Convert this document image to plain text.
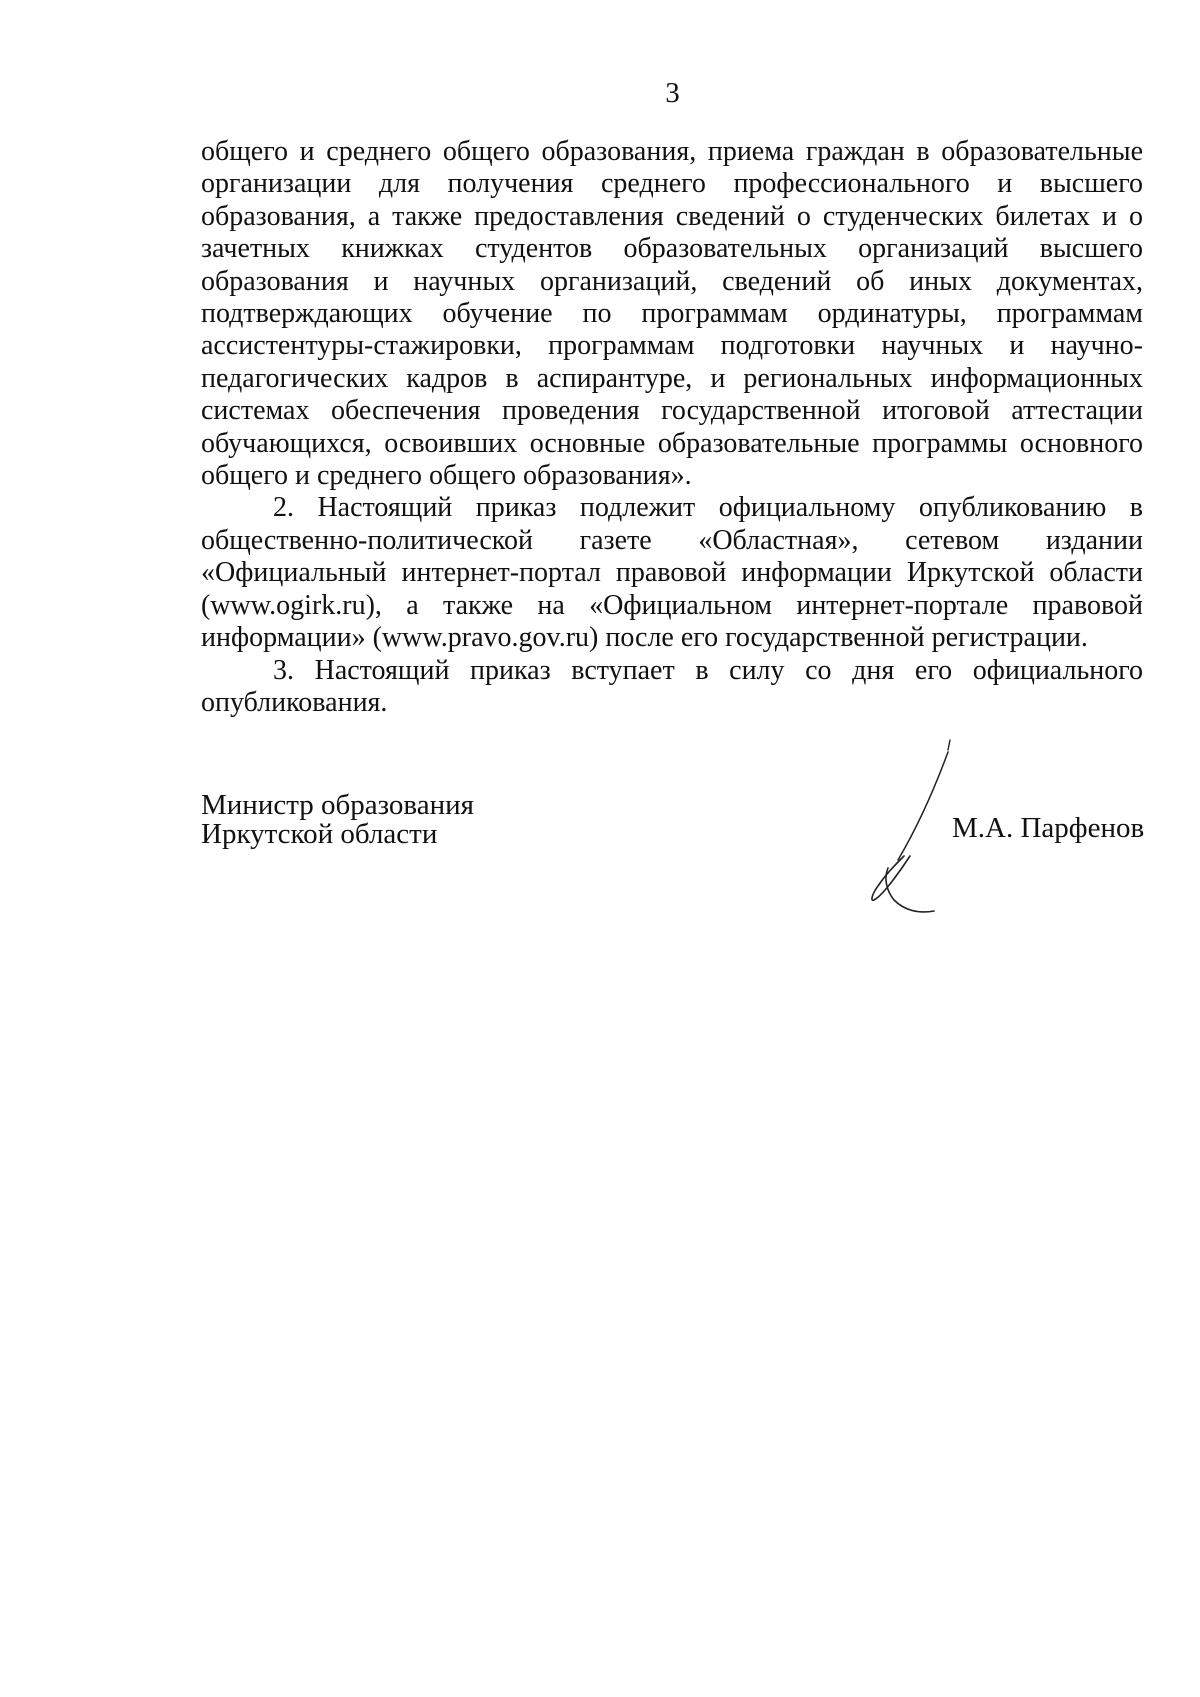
3

общего и среднего общего образования, приема граждан в образовательные организации для получения среднего профессионального и высшего образования, а также предоставления сведений о студенческих билетах и о зачетных книжках студентов образовательных организаций высшего образования и научных организаций, сведений об иных документах, подтверждающих обучение по программам ординатуры, программам ассистентуры-стажировки, программам подготовки научных и научно-педагогических кадров в аспирантуре, и региональных информационных системах обеспечения проведения государственной итоговой аттестации обучающихся, освоивших основные образовательные программы основного общего и среднего общего образования».

2. Настоящий приказ подлежит официальному опубликованию в общественно-политической газете «Областная», сетевом издании «Официальный интернет-портал правовой информации Иркутской области (www.ogirk.ru), а также на «Официальном интернет-портале правовой информации» (www.pravo.gov.ru) после его государственной регистрации.

3. Настоящий приказ вступает в силу со дня его официального опубликования.

Министр образования
Иркутской области	М.А. Парфенов
